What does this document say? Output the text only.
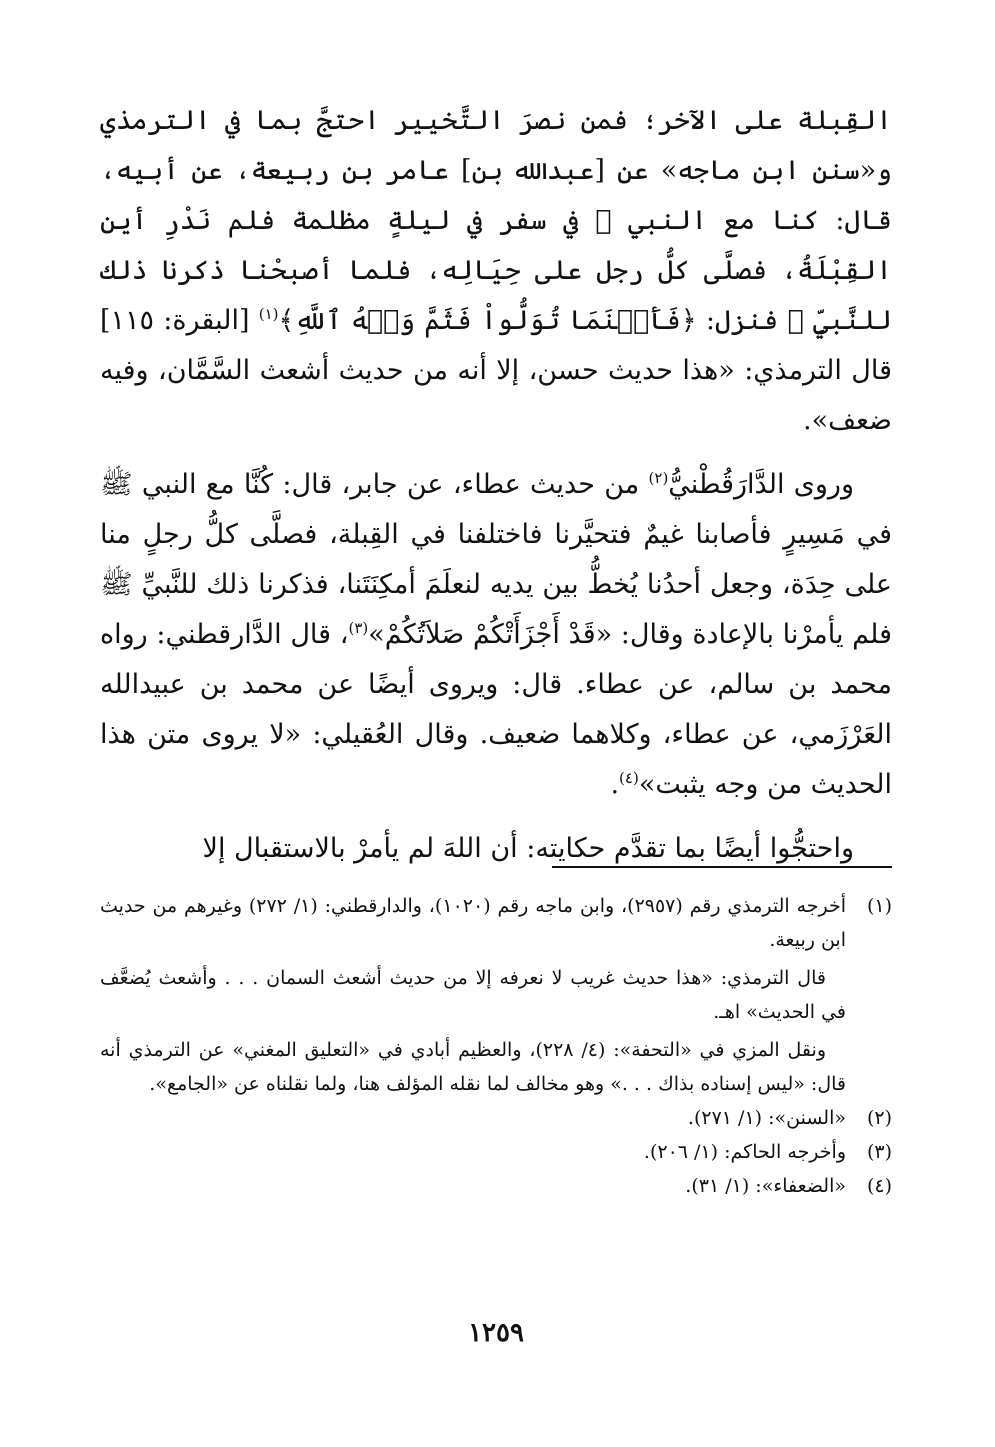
القِبلة على الآخر؛ فمن نصرَ التَّخيير احتجَّ بما في الترمذي و«سنن ابن ماجه» عن [عبدالله بن] عامر بن ربيعة، عن أبيه، قال: كنا مع النبي ﷺ في سفر في ليلةٍ مظلمة فلم نَدْرِ أين القِبْلَةُ، فصلَّى كلُّ رجل على حِيَالِه، فلما أصبحْنا ذكرنا ذلك للنَّبيِّ ﷺ فنزل: ﴿فَأَيۡنَمَا تُوَلُّواْ فَثَمَّ وَجۡهُ ٱللَّهِ﴾$^{(١)}$ [البقرة: ١١٥] قال الترمذي: «هذا حديث حسن، إلا أنه من حديث أشعث السَّمَّان، وفيه ضعف».

وروى الدَّارَقُطْنيُّ$^{(٢)}$ من حديث عطاء، عن جابر، قال: كُنَّا مع النبي ﷺ في مَسِيرٍ فأصابنا غيمٌ فتحيَّرنا فاختلفنا في القِبلة، فصلَّى كلُّ رجلٍ منا على حِدَة، وجعل أحدُنا يُخطُّ بين يديه لنعلَمَ أمكِنَتَنا، فذكرنا ذلك للنَّبيِّ ﷺ فلم يأمرْنا بالإعادة وقال: «قَدْ أَجْزَأَتْكُمْ صَلاَتُكُمْ»$^{(٣)}$، قال الدَّارقطني: رواه محمد بن سالم، عن عطاء. قال: ويروى أيضًا عن محمد بن عبيدالله العَرْزَمي، عن عطاء، وكلاهما ضعيف. وقال العُقيلي: «لا يروى متن هذا الحديث من وجه يثبت»$^{(٤)}$.

واحتجُّوا أيضًا بما تقدَّم حكايته: أن اللهَ لم يأمرْ بالاستقبال إلا

(١)

أخرجه الترمذي رقم (٢٩٥٧)، وابن ماجه رقم (١٠٢٠)، والدارقطني: (١/ ٢٧٢) وغيرهم من حديث ابن ربيعة.

قال الترمذي: «هذا حديث غريب لا نعرفه إلا من حديث أشعث السمان . . . وأشعث يُضعَّف في الحديث» اهـ.

ونقل المزي في «التحفة»: (٤/ ٢٢٨)، والعظيم أبادي في «التعليق المغني» عن الترمذي أنه قال: «ليس إسناده بذاك . . .» وهو مخالف لما نقله المؤلف هنا، ولما نقلناه عن «الجامع».

(٢)

«السنن»: (١/ ٢٧١).

(٣)

وأخرجه الحاكم: (١/ ٢٠٦).

(٤)

«الضعفاء»: (١/ ٣١).

١٢٥٩
